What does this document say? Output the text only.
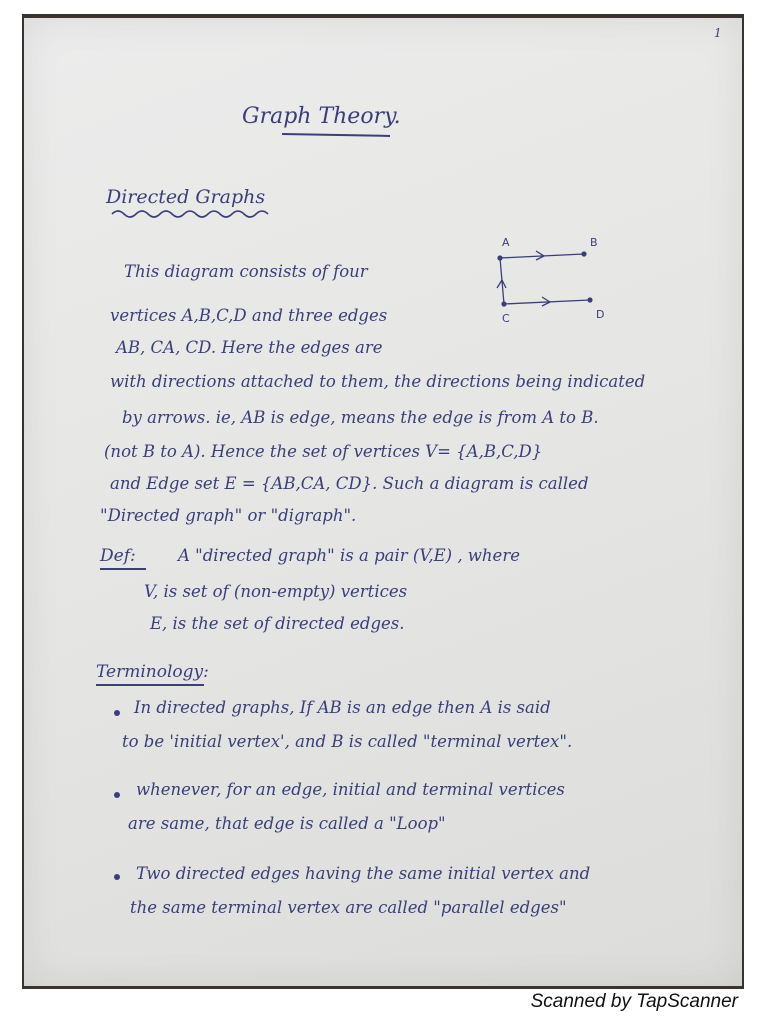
1
Graph Theory.
Directed Graphs
A	B
C	D
This diagram consists of four
vertices A,B,C,D and three edges
AB, CA, CD. Here the edges are
with directions attached to them, the directions being indicated
by arrows. ie, AB is edge, means the edge is from A to B.
(not B to A). Hence the set of vertices V= {A,B,C,D}
and Edge set E = {AB,CA, CD}. Such a diagram is called
"Directed graph" or "digraph".
Def:	A "directed graph" is a pair (V,E) , where
V, is set of (non-empty) vertices
E, is the set of directed edges.
Terminology:
In directed graphs, If AB is an edge then A is said
to be 'initial vertex', and B is called "terminal vertex".
whenever, for an edge, initial and terminal vertices
are same, that edge is called a "Loop"
Two directed edges having the same initial vertex and
the same terminal vertex are called "parallel edges"
Scanned by TapScanner
